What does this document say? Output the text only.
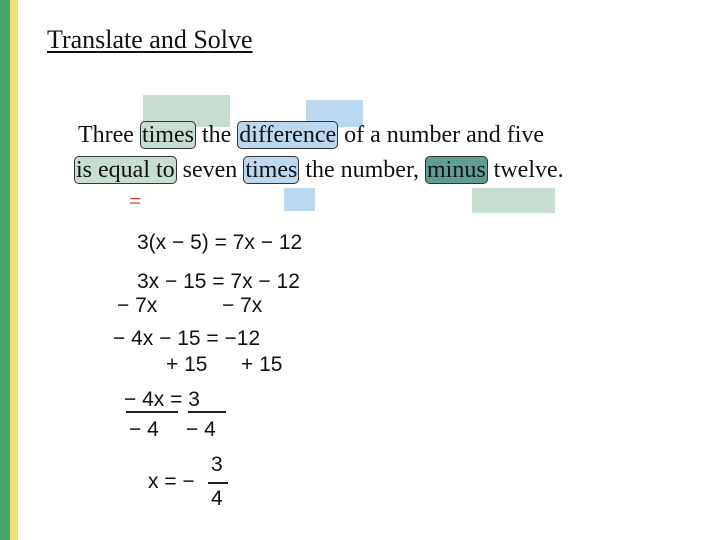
Translate and Solve
Three times the difference of a number and five
is equal to seven times the number, minus twelve.
=
3(x − 5) = 7x − 12
3x − 15 = 7x − 12
− 7x	− 7x
− 4x − 15 = −12
+ 15 + 15
− 4x = 3
− 4 − 4
x = −
3
4
